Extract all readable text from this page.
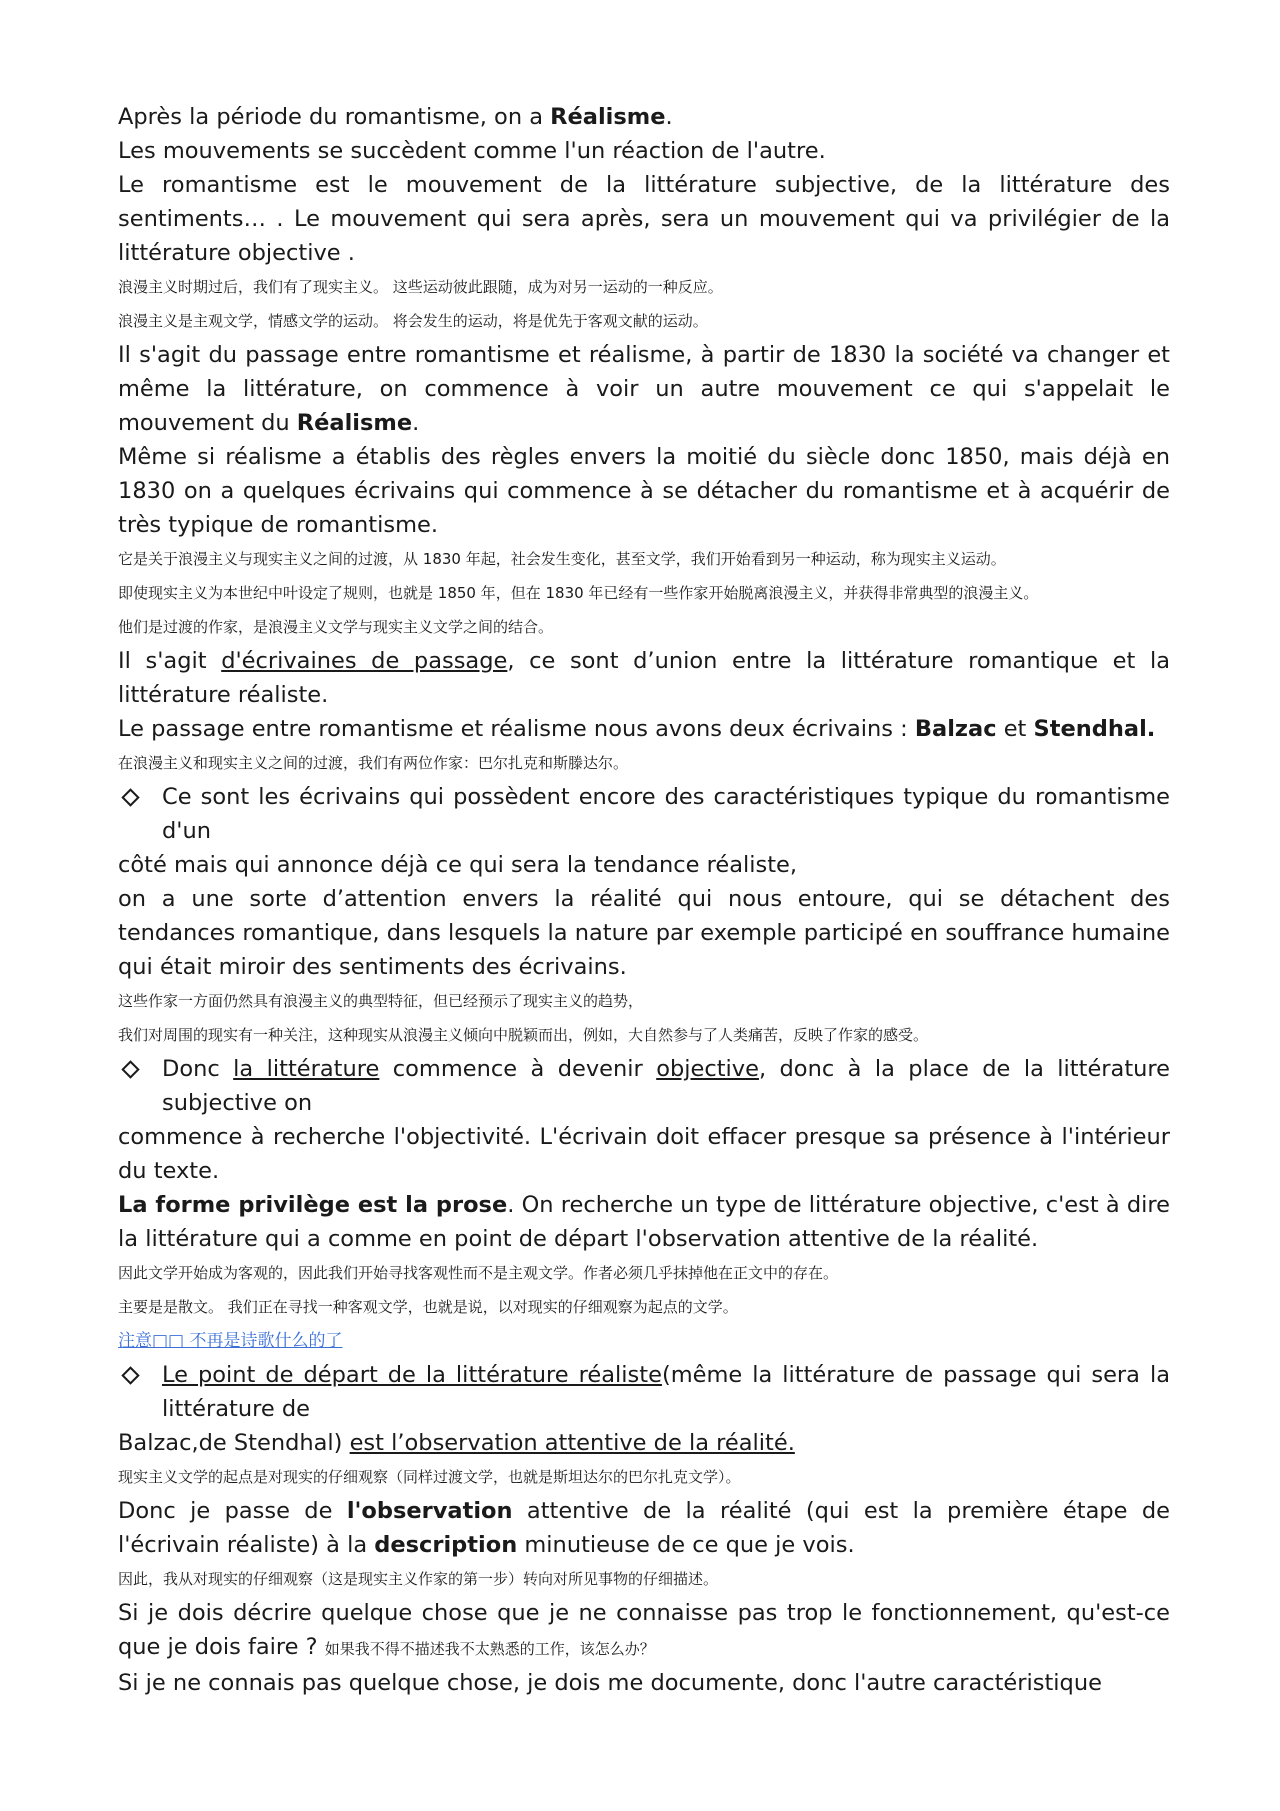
Après la période du romantisme, on a Réalisme.

Les mouvements se succèdent comme l'un réaction de l'autre.

Le romantisme est le mouvement de la littérature subjective, de la littérature des sentiments… . Le mouvement qui sera après, sera un mouvement qui va privilégier de la littérature objective .

浪漫主义时期过后，我们有了现实主义。 这些运动彼此跟随，成为对另一运动的一种反应。

浪漫主义是主观文学，情感文学的运动。 将会发生的运动，将是优先于客观文献的运动。

Il s'agit du passage entre romantisme et réalisme, à partir de 1830 la société va changer et même la littérature, on commence à voir un autre mouvement ce qui s'appelait le mouvement du Réalisme.

Même si réalisme a établis des règles envers la moitié du siècle donc 1850, mais déjà en 1830 on a quelques écrivains qui commence à se détacher du romantisme et à acquérir de très typique de romantisme.

它是关于浪漫主义与现实主义之间的过渡，从 1830 年起，社会发生变化，甚至文学，我们开始看到另一种运动，称为现实主义运动。

即使现实主义为本世纪中叶设定了规则，也就是 1850 年，但在 1830 年已经有一些作家开始脱离浪漫主义，并获得非常典型的浪漫主义。

他们是过渡的作家，是浪漫主义文学与现实主义文学之间的结合。

Il s'agit d'écrivaines de passage, ce sont d’union entre la littérature romantique et la littérature réaliste.

Le passage entre romantisme et réalisme nous avons deux écrivains : Balzac et Stendhal.

在浪漫主义和现实主义之间的过渡，我们有两位作家：巴尔扎克和斯滕达尔。

Ce sont les écrivains qui possèdent encore des caractéristiques typique du romantisme d'un

côté mais qui annonce déjà ce qui sera la tendance réaliste,

on a une sorte d’attention envers la réalité qui nous entoure, qui se détachent des tendances romantique, dans lesquels la nature par exemple participé en souffrance humaine qui était miroir des sentiments des écrivains.

这些作家一方面仍然具有浪漫主义的典型特征，但已经预示了现实主义的趋势，

我们对周围的现实有一种关注，这种现实从浪漫主义倾向中脱颖而出，例如，大自然参与了人类痛苦，反映了作家的感受。

Donc la littérature commence à devenir objective, donc à la place de la littérature subjective on

commence à recherche l'objectivité. L'écrivain doit effacer presque sa présence à l'intérieur du texte.

La forme privilège est la prose. On recherche un type de littérature objective, c'est à dire la littérature qui a comme en point de départ l'observation attentive de la réalité.

因此文学开始成为客观的，因此我们开始寻找客观性而不是主观文学。作者必须几乎抹掉他在正文中的存在。

主要是是散文。 我们正在寻找一种客观文学，也就是说，以对现实的仔细观察为起点的文学。

注意□□ 不再是诗歌什么的了

Le point de départ de la littérature réaliste(même la littérature de passage qui sera la littérature de

Balzac,de Stendhal) est l’observation attentive de la réalité.

现实主义文学的起点是对现实的仔细观察（同样过渡文学，也就是斯坦达尔的巴尔扎克文学）。

Donc je passe de l'observation attentive de la réalité (qui est la première étape de l'écrivain réaliste) à la description minutieuse de ce que je vois.

因此，我从对现实的仔细观察（这是现实主义作家的第一步）转向对所见事物的仔细描述。

Si je dois décrire quelque chose que je ne connaisse pas trop le fonctionnement, qu'est-ce que je dois faire ? 如果我不得不描述我不太熟悉的工作，该怎么办？

Si je ne connais pas quelque chose, je dois me documente, donc l'autre caractéristique
